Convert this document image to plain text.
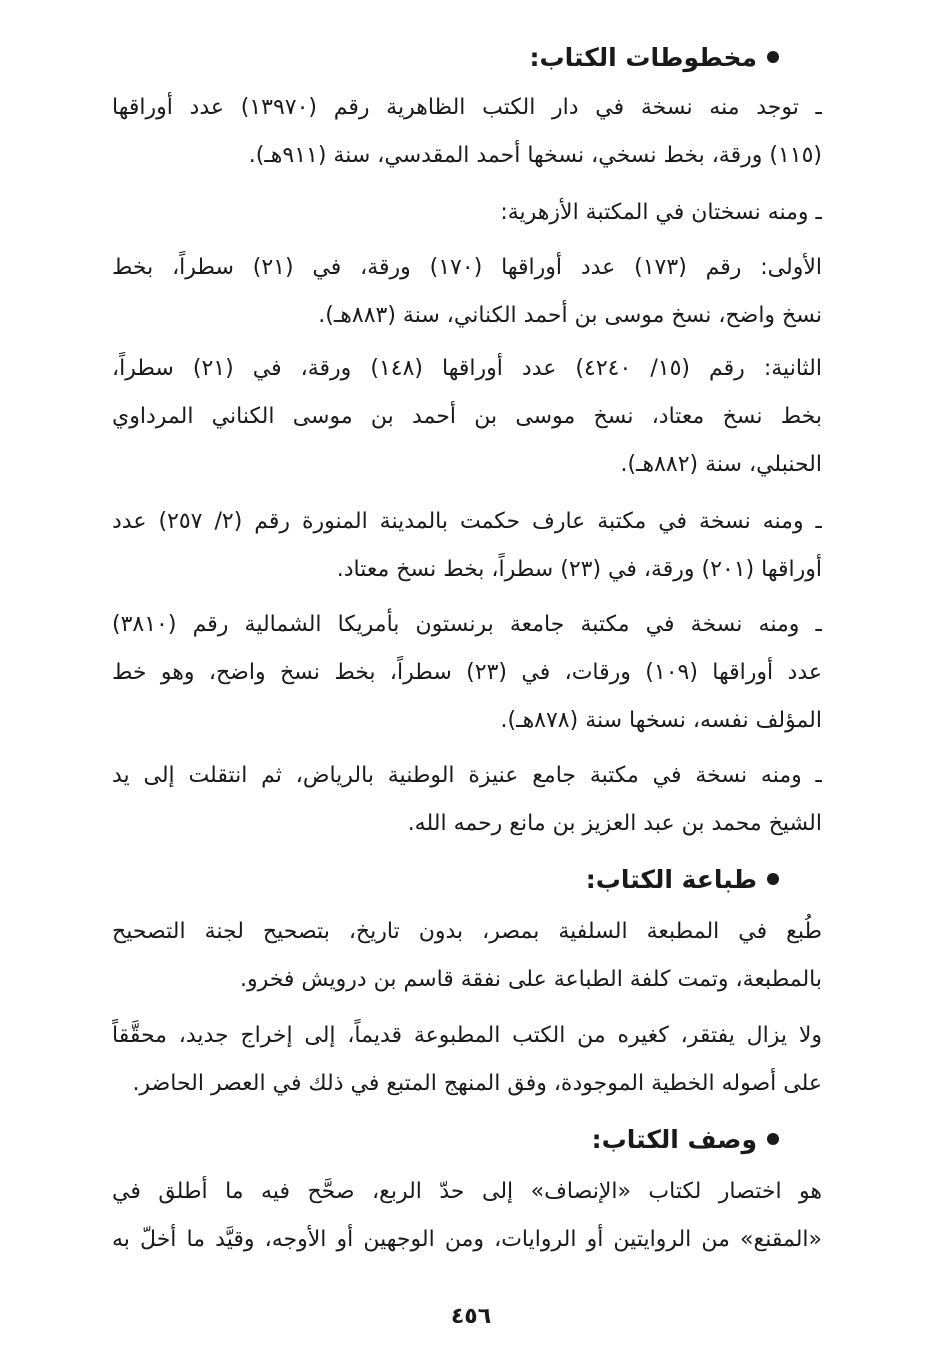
مخطوطات الكتاب:
ـ توجد منه نسخة في دار الكتب الظاهرية رقم (١٣٩٧٠) عدد أوراقها
(١١٥) ورقة، بخط نسخي، نسخها أحمد المقدسي، سنة (٩١١هـ).
ـ ومنه نسختان في المكتبة الأزهرية:
الأولى: رقم (١٧٣) عدد أوراقها (١٧٠) ورقة، في (٢١) سطراً، بخط
نسخ واضح، نسخ موسى بن أحمد الكناني، سنة (٨٨٣هـ).
الثانية: رقم (١٥/ ٤٢٤٠) عدد أوراقها (١٤٨) ورقة، في (٢١) سطراً،
بخط نسخ معتاد، نسخ موسى بن أحمد بن موسى الكناني المرداوي
الحنبلي، سنة (٨٨٢هـ).
ـ ومنه نسخة في مكتبة عارف حكمت بالمدينة المنورة رقم (٢/ ٢٥٧) عدد
أوراقها (٢٠١) ورقة، في (٢٣) سطراً، بخط نسخ معتاد.
ـ ومنه نسخة في مكتبة جامعة برنستون بأمريكا الشمالية رقم (٣٨١٠)
عدد أوراقها (١٠٩) ورقات، في (٢٣) سطراً، بخط نسخ واضح، وهو خط
المؤلف نفسه، نسخها سنة (٨٧٨هـ).
ـ ومنه نسخة في مكتبة جامع عنيزة الوطنية بالرياض، ثم انتقلت إلى يد
الشيخ محمد بن عبد العزيز بن مانع رحمه الله.
طباعة الكتاب:
طُبع في المطبعة السلفية بمصر، بدون تاريخ، بتصحيح لجنة التصحيح
بالمطبعة، وتمت كلفة الطباعة على نفقة قاسم بن درويش فخرو.
ولا يزال يفتقر، كغيره من الكتب المطبوعة قديماً، إلى إخراج جديد، محقَّقاً
على أصوله الخطية الموجودة، وفق المنهج المتبع في ذلك في العصر الحاضر.
وصف الكتاب:
هو اختصار لكتاب «الإنصاف» إلى حدّ الربع، صحَّح فيه ما أطلق في
«المقنع» من الروايتين أو الروايات، ومن الوجهين أو الأوجه، وقيَّد ما أخلّ به
٤٥٦
